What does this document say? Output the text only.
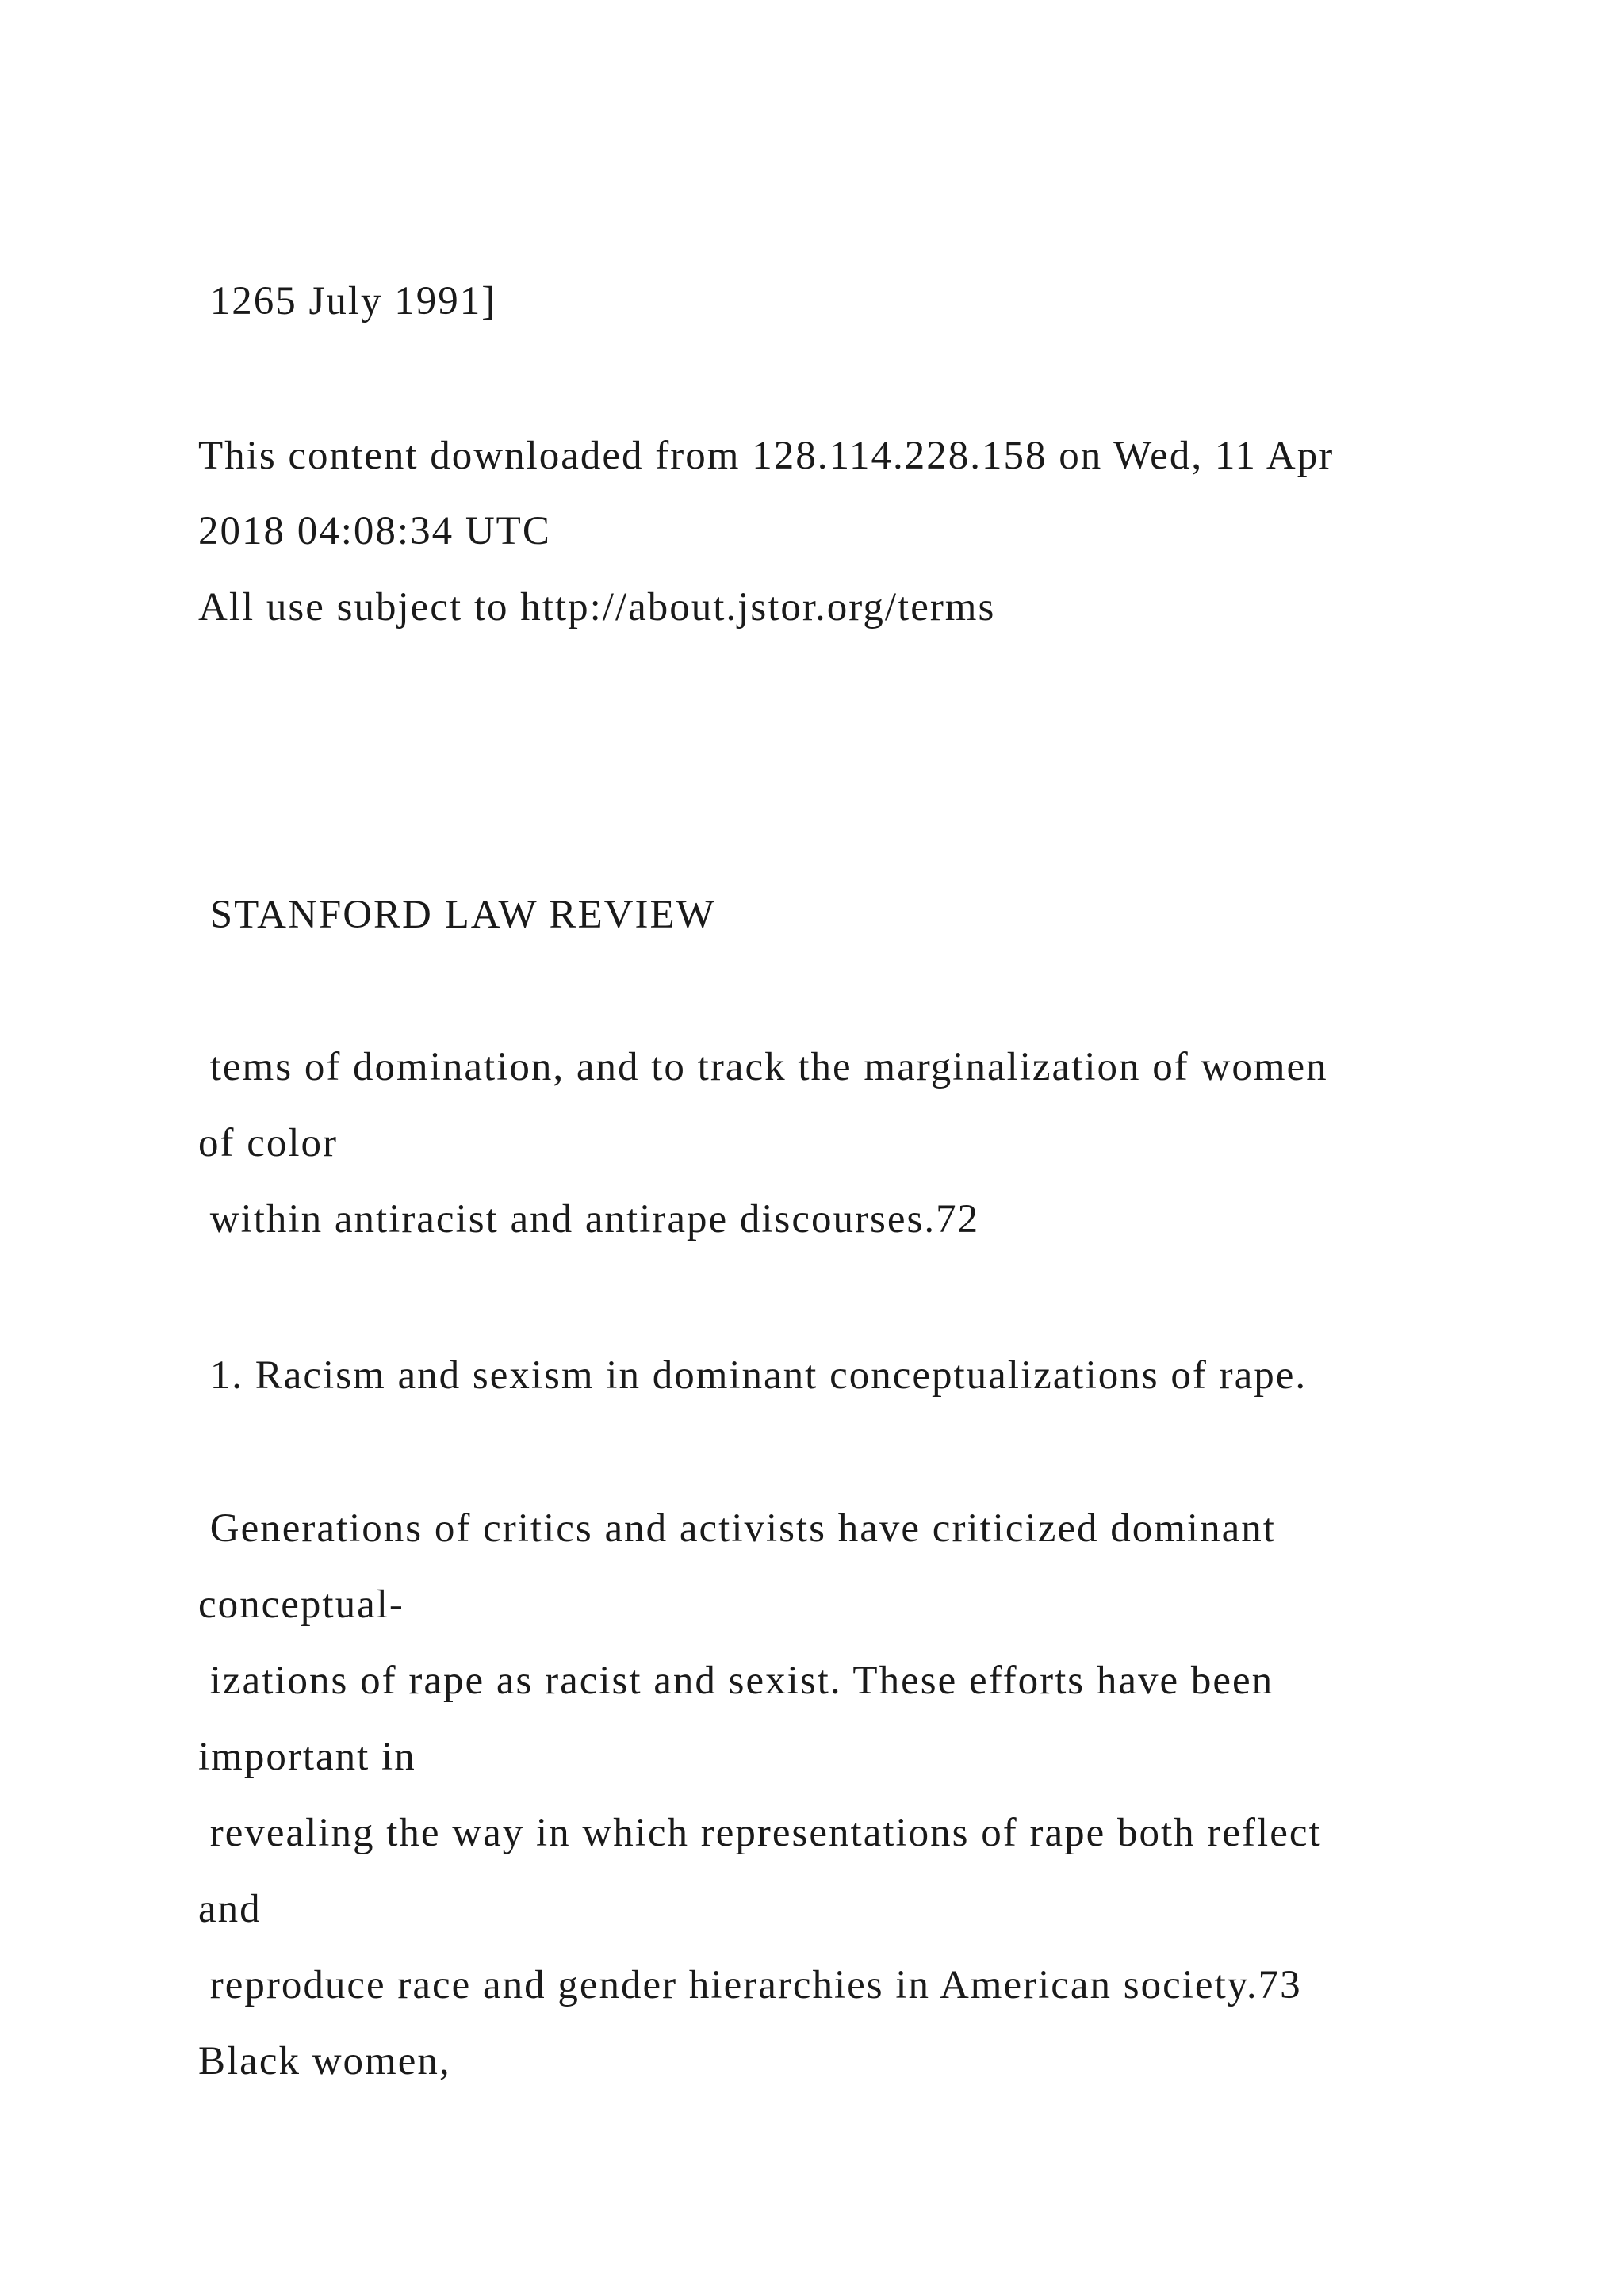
1265 July 1991]

This content downloaded from 128.114.228.158 on Wed, 11 Apr

2018 04:08:34 UTC

All use subject to http://about.jstor.org/terms

STANFORD LAW REVIEW

tems of domination, and to track the marginalization of women

of color

within antiracist and antirape discourses.72

1. Racism and sexism in dominant conceptualizations of rape.

Generations of critics and activists have criticized dominant

conceptual-

izations of rape as racist and sexist. These efforts have been

important in

revealing the way in which representations of rape both reflect

and

reproduce race and gender hierarchies in American society.73

Black women,
